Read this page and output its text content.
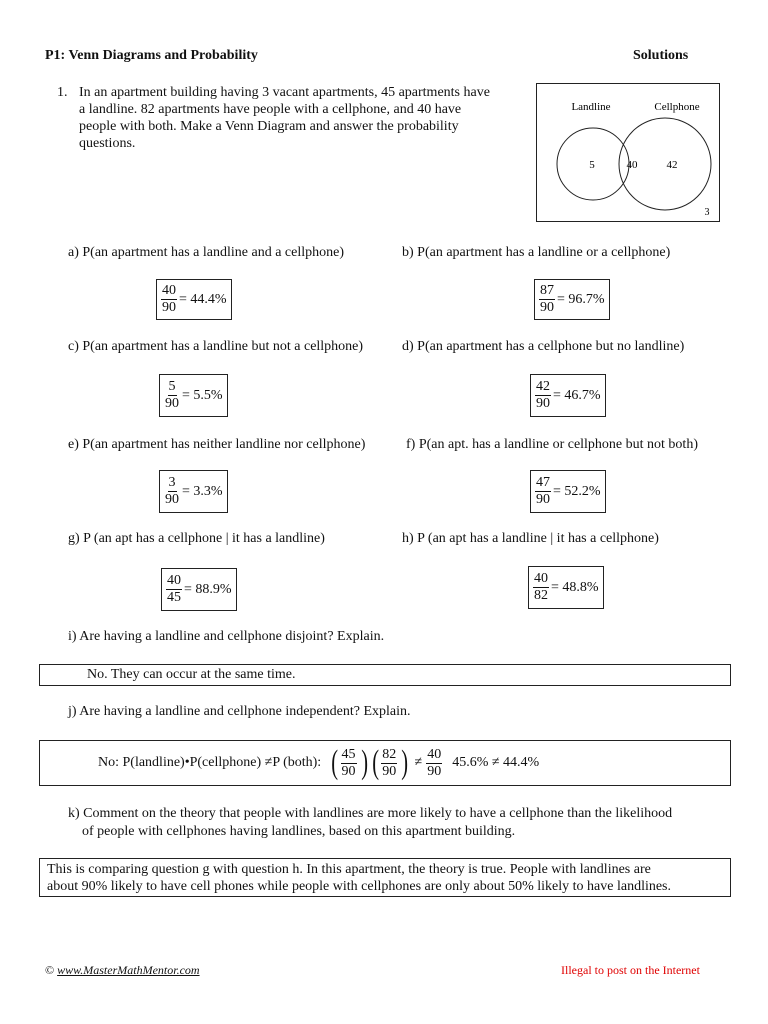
P1: Venn Diagrams and Probability	Solutions
1. In an apartment building having 3 vacant apartments, 45 apartments have
a landline. 82 apartments have people with a cellphone, and 40 have
people with both. Make a Venn Diagram and answer the probability
questions.
Landline	Cellphone
5	40	42
3
a) P(an apartment has a landline and a cellphone)	b) P(an apartment has a landline or a cellphone)
$\frac{40}{90} = 44.4\%$	$\frac{87}{90} = 96.7\%$
c) P(an apartment has a landline but not a cellphone)	d) P(an apartment has a cellphone but no landline)
$\frac{5}{90} = 5.5\%$	$\frac{42}{90} = 46.7\%$
e) P(an apartment has neither landline nor cellphone)	f) P(an apt. has a landline or cellphone but not both)
$\frac{3}{90} = 3.3\%$	$\frac{47}{90} = 52.2\%$
g) P (an apt has a cellphone | it has a landline)	h) P (an apt has a landline | it has a cellphone)
$\frac{40}{45} = 88.9\%$	$\frac{40}{82} = 48.8\%$
i) Are having a landline and cellphone disjoint? Explain.
No. They can occur at the same time.
j) Are having a landline and cellphone independent? Explain.
No: P(landline)•P(cellphone) ≠P (both): ( $\frac{45}{90}$ ) ( $\frac{82}{90}$ ) ≠ $\frac{40}{90} 45.6\% \ne 44.4\%$
k) Comment on the theory that people with landlines are more likely to have a cellphone than the likelihood
of people with cellphones having landlines, based on this apartment building.
This is comparing question g with question h. In this apartment, the theory is true. People with landlines are
about 90% likely to have cell phones while people with cellphones are only about 50% likely to have landlines.
© www.MasterMathMentor.com	Illegal to post on the Internet
